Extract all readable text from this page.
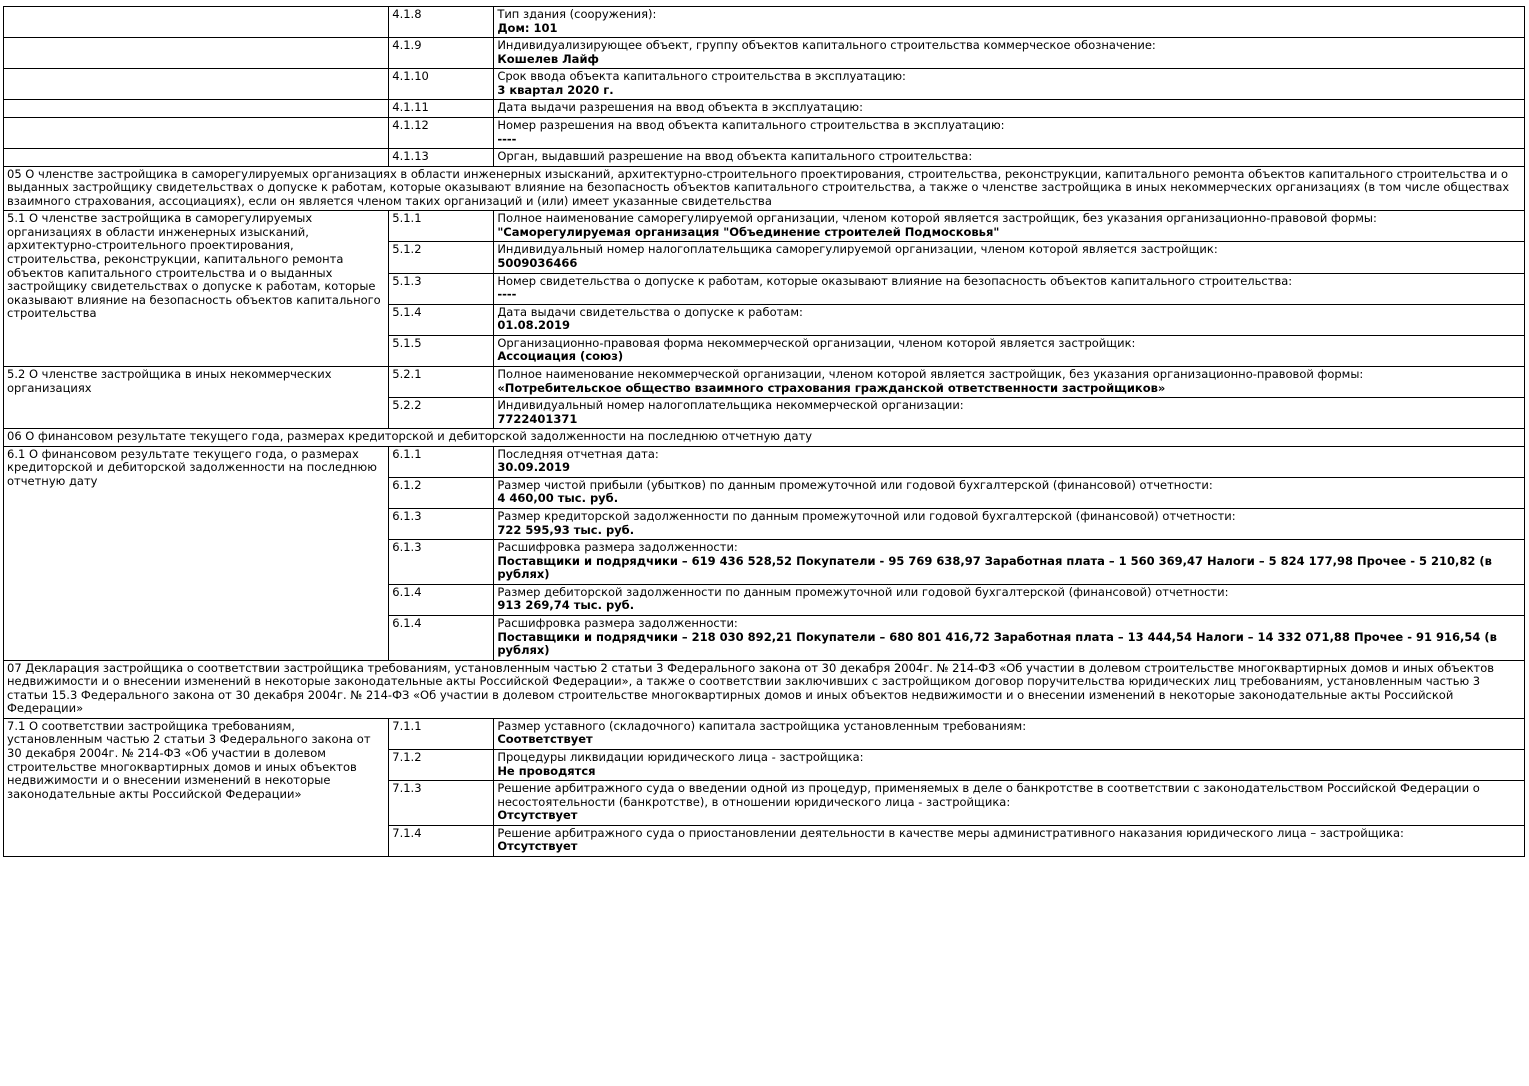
	4.1.8	Тип здания (сооружения):
Дом: 101

	4.1.9	Индивидуализирующее объект, группу объектов капитального строительства коммерческое обозначение:
Кошелев Лайф

	4.1.10	Срок ввода объекта капитального строительства в эксплуатацию:
3 квартал 2020 г.

	4.1.11	Дата выдачи разрешения на ввод объекта в эксплуатацию:

	4.1.12	Номер разрешения на ввод объекта капитального строительства в эксплуатацию:
----

	4.1.13	Орган, выдавший разрешение на ввод объекта капитального строительства:

05 О членстве застройщика в саморегулируемых организациях в области инженерных изысканий, архитектурно-строительного проектирования, строительства, реконструкции, капитального ремонта объектов капитального строительства и о выданных застройщику свидетельствах о допуске к работам, которые оказывают влияние на безопасность объектов капитального строительства, а также о членстве застройщика в иных некоммерческих организациях (в том числе обществах взаимного страхования, ассоциациях), если он является членом таких организаций и (или) имеет указанные свидетельства		
5.1 О членстве застройщика в саморегулируемых организациях в области инженерных изысканий, архитектурно-строительного проектирования, строительства, реконструкции, капитального ремонта объектов капитального строительства и о выданных застройщику свидетельствах о допуске к работам, которые оказывают влияние на безопасность объектов капитального строительства	5.1.1	Полное наименование саморегулируемой организации, членом которой является застройщик, без указания организационно-правовой формы:
"Саморегулируемая организация "Объединение строителей Подмосковья"

	5.1.2	Индивидуальный номер налогоплательщика саморегулируемой организации, членом которой является застройщик:
5009036466

	5.1.3	Номер свидетельства о допуске к работам, которые оказывают влияние на безопасность объектов капитального строительства:
----

	5.1.4	Дата выдачи свидетельства о допуске к работам:
01.08.2019

	5.1.5	Организационно-правовая форма некоммерческой организации, членом которой является застройщик:
Ассоциация (союз)

5.2 О членстве застройщика в иных некоммерческих организациях	5.2.1	Полное наименование некоммерческой организации, членом которой является застройщик, без указания организационно-правовой формы:
«Потребительское общество взаимного страхования гражданской ответственности застройщиков»

	5.2.2	Индивидуальный номер налогоплательщика некоммерческой организации:
7722401371

06 О финансовом результате текущего года, размерах кредиторской и дебиторской задолженности на последнюю отчетную дату		
6.1 О финансовом результате текущего года, о размерах кредиторской и дебиторской задолженности на последнюю отчетную дату	6.1.1	Последняя отчетная дата:
30.09.2019

	6.1.2	Размер чистой прибыли (убытков) по данным промежуточной или годовой бухгалтерской (финансовой) отчетности:
4 460,00 тыс. руб.

	6.1.3	Размер кредиторской задолженности по данным промежуточной или годовой бухгалтерской (финансовой) отчетности:
722 595,93 тыс. руб.

	6.1.3	Расшифровка размера задолженности:
Поставщики и подрядчики – 619 436 528,52 Покупатели - 95 769 638,97 Заработная плата – 1 560 369,47 Налоги – 5 824 177,98 Прочее - 5 210,82 (в рублях)

	6.1.4	Размер дебиторской задолженности по данным промежуточной или годовой бухгалтерской (финансовой) отчетности:
913 269,74 тыс. руб.

	6.1.4	Расшифровка размера задолженности:
Поставщики и подрядчики – 218 030 892,21 Покупатели – 680 801 416,72 Заработная плата – 13 444,54 Налоги – 14 332 071,88 Прочее - 91 916,54 (в рублях)

07 Декларация застройщика о соответствии застройщика требованиям, установленным частью 2 статьи 3 Федерального закона от 30 декабря 2004г. № 214-ФЗ «Об участии в долевом строительстве многоквартирных домов и иных объектов недвижимости и о внесении изменений в некоторые законодательные акты Российской Федерации», а также о соответствии заключивших с застройщиком договор поручительства юридических лиц требованиям, установленным частью 3 статьи 15.3 Федерального закона от 30 декабря 2004г. № 214-ФЗ «Об участии в долевом строительстве многоквартирных домов и иных объектов недвижимости и о внесении изменений в некоторые законодательные акты Российской Федерации»		
7.1 О соответствии застройщика требованиям, установленным частью 2 статьи 3 Федерального закона от 30 декабря 2004г. № 214-ФЗ «Об участии в долевом строительстве многоквартирных домов и иных объектов недвижимости и о внесении изменений в некоторые законодательные акты Российской Федерации»	7.1.1	Размер уставного (складочного) капитала застройщика установленным требованиям:
Соответствует

	7.1.2	Процедуры ликвидации юридического лица - застройщика:
Не проводятся

	7.1.3	Решение арбитражного суда о введении одной из процедур, применяемых в деле о банкротстве в соответствии с законодательством Российской Федерации о несостоятельности (банкротстве), в отношении юридического лица - застройщика:
Отсутствует

	7.1.4	Решение арбитражного суда о приостановлении деятельности в качестве меры административного наказания юридического лица – застройщика:
Отсутствует
